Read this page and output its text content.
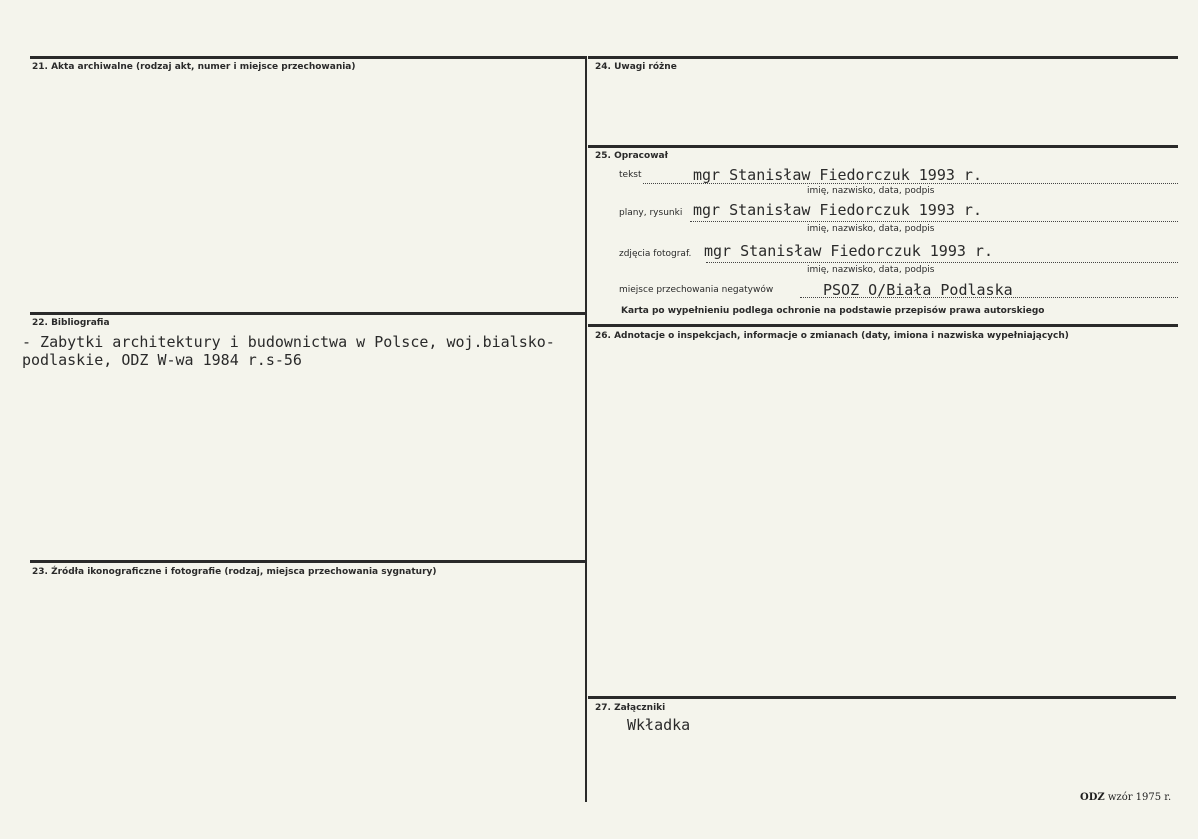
21. Akta archiwalne (rodzaj akt, numer i miejsce przechowania)
22. Bibliografia
- Zabytki architektury i budownictwa w Polsce, woj.bialsko-
podlaskie, ODZ W-wa 1984 r.s-56
23. Źródła ikonograficzne i fotografie (rodzaj, miejsca przechowania sygnatury)
24. Uwagi różne
25. Opracował
tekst	mgr Stanisław Fiedorczuk 1993 r.
imię, nazwisko, data, podpis
plany, rysunki mgr Stanisław Fiedorczuk 1993 r.
imię, nazwisko, data, podpis
zdjęcia fotograf. mgr Stanisław Fiedorczuk 1993 r.
imię, nazwisko, data, podpis
miejsce przechowania negatywów	PSOZ O/Biała Podlaska
Karta po wypełnieniu podlega ochronie na podstawie przepisów prawa autorskiego
26. Adnotacje o inspekcjach, informacje o zmianach (daty, imiona i nazwiska wypełniających)
27. Załączniki
Wkładka
ODZ wzór 1975 r.
